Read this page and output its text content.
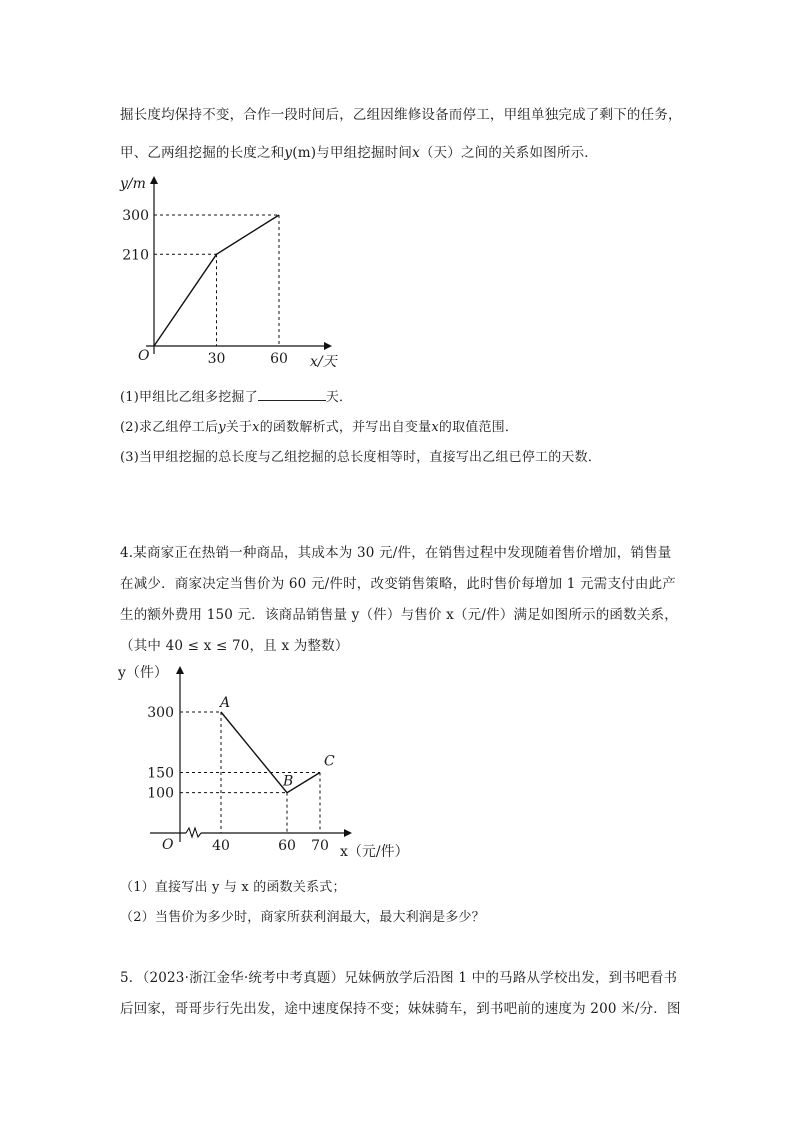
掘长度均保持不变，合作一段时间后，乙组因维修设备而停工，甲组单独完成了剩下的任务，
甲、乙两组挖掘的长度之和y(m)与甲组挖掘时间x（天）之间的关系如图所示．
y/m
x/天
O	30	60
210
300
(1)甲组比乙组多挖掘了	天．
(2)求乙组停工后y关于x的函数解析式，并写出自变量x的取值范围．
(3)当甲组挖掘的总长度与乙组挖掘的总长度相等时，直接写出乙组已停工的天数．
4.某商家正在热销一种商品，其成本为 30 元/件，在销售过程中发现随着售价增加，销售量
在减少．商家决定当售价为 60 元/件时，改变销售策略，此时售价每增加 1 元需支付由此产
生的额外费用 150 元．该商品销售量 y（件）与售价 x（元/件）满足如图所示的函数关系，
（其中 40 ≤ x ≤ 70，且 x 为整数）
y（件）
x（元/件）
O
A
B
C
40	60 70
300
150
100
（1）直接写出 y 与 x 的函数关系式；
（2）当售价为多少时，商家所获利润最大，最大利润是多少？
5．（2023·浙江金华·统考中考真题）兄妹俩放学后沿图 1 中的马路从学校出发，到书吧看书
后回家，哥哥步行先出发，途中速度保持不变；妹妹骑车，到书吧前的速度为 200 米/分．图
